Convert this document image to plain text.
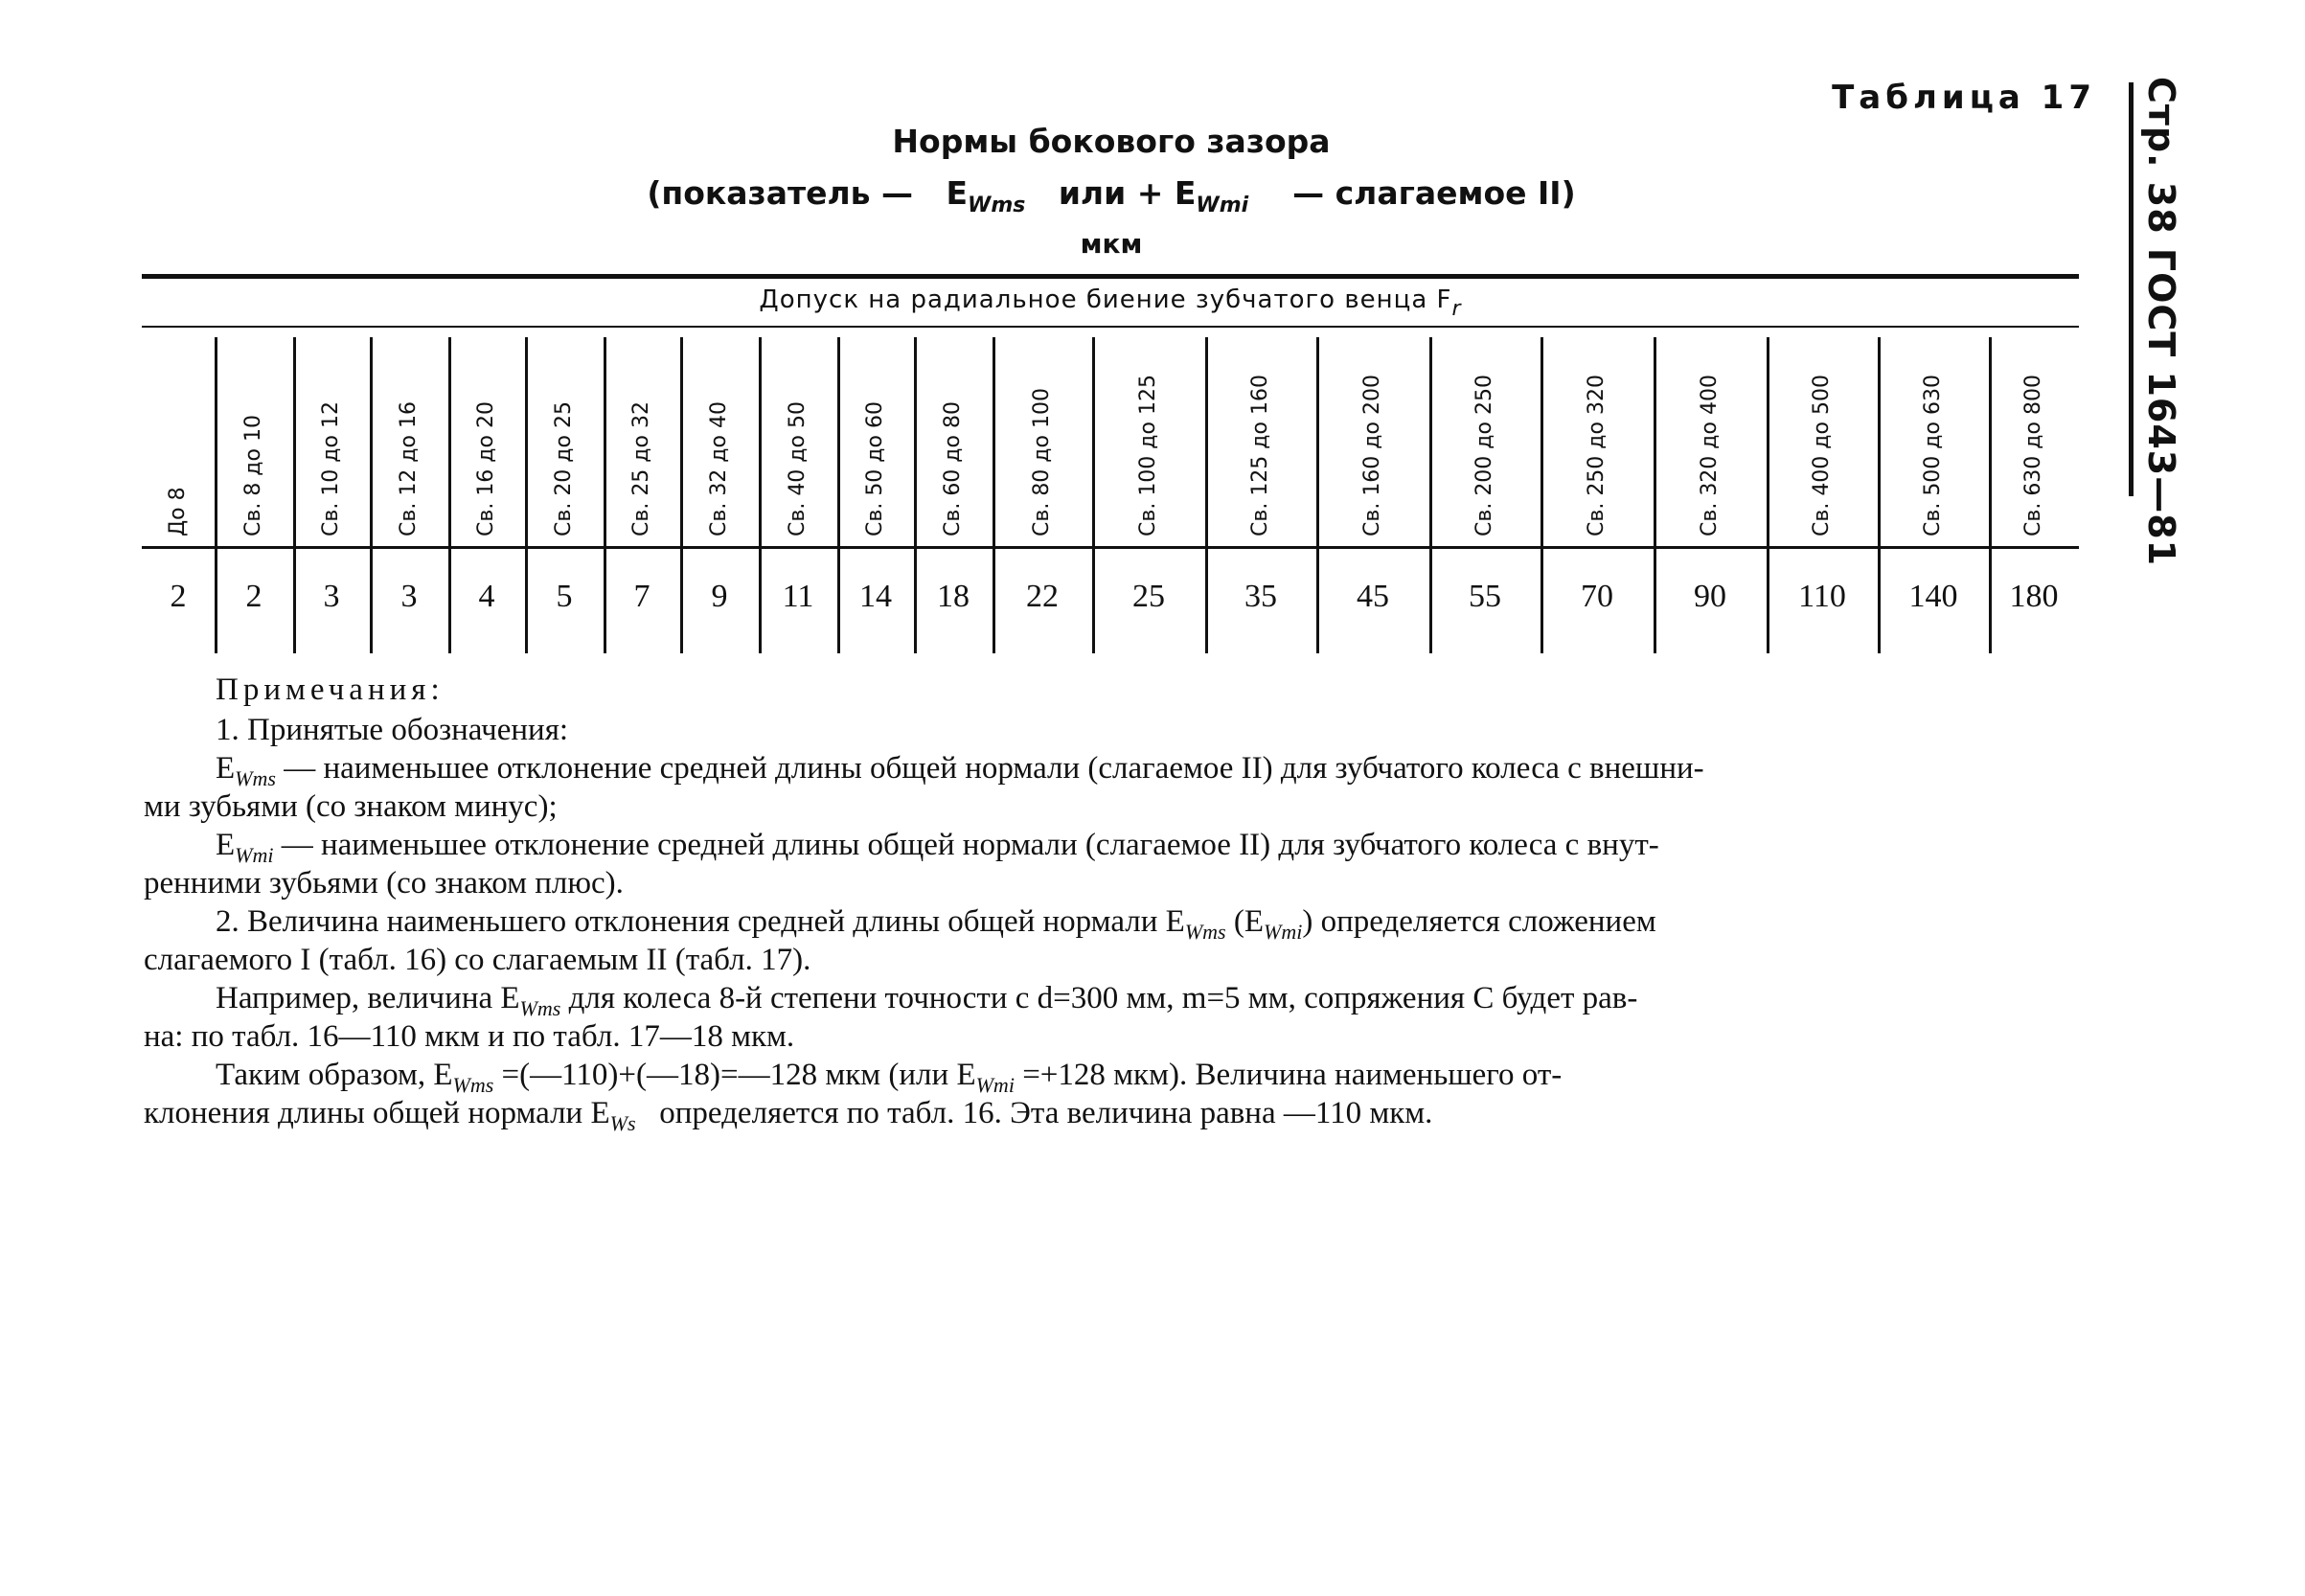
Стр. 38 ГОСТ 1643—81
Таблица 17
Нормы бокового зазора
(показатель — $E_{Wms}$ или + $E_{Wmi}$ — слагаемое II)
мкм
Допуск на радиальное биение зубчатого венца $F_r$
До 8
2
Св. 8 до 10
2
Св. 10 до 12
3
Св. 12 до 16
3
Св. 16 до 20
4
Св. 20 до 25
5
Св. 25 до 32
7
Св. 32 до 40
9
Св. 40 до 50
11
Св. 50 до 60
14
Св. 60 до 80
18
Св. 80 до 100
22
Св. 100 до 125
25
Св. 125 до 160
35
Св. 160 до 200
45
Св. 200 до 250
55
Св. 250 до 320
70
Св. 320 до 400
90
Св. 400 до 500
110
Св. 500 до 630
140
Св. 630 до 800
180
Примечания:
1. Принятые обозначения:
$E_{Wms}$ — наименьшее отклонение средней длины общей нормали (слагаемое II) для зубчатого колеса с внешни-
ми зубьями (со знаком минус);
$E_{Wmi}$ — наименьшее отклонение средней длины общей нормали (слагаемое II) для зубчатого колеса с внут-
ренними зубьями (со знаком плюс).
2. Величина наименьшего отклонения средней длины общей нормали $E_{Wms}$ $(E_{Wmi})$ определяется сложением
слагаемого I (табл. 16) со слагаемым II (табл. 17).
Например, величина $E_{Wms}$ для колеса 8-й степени точности с d=300 мм, m=5 мм, сопряжения С будет рав-
на: по табл. 16—110 мкм и по табл. 17—18 мкм.
Таким образом, $E_{Wms}$ =(—110)+(—18)=—128 мкм (или $E_{Wmi} =+128$ мкм). Величина наименьшего от-
клонения длины общей нормали $E_{Ws}$ определяется по табл. 16. Эта величина равна —110 мкм.
